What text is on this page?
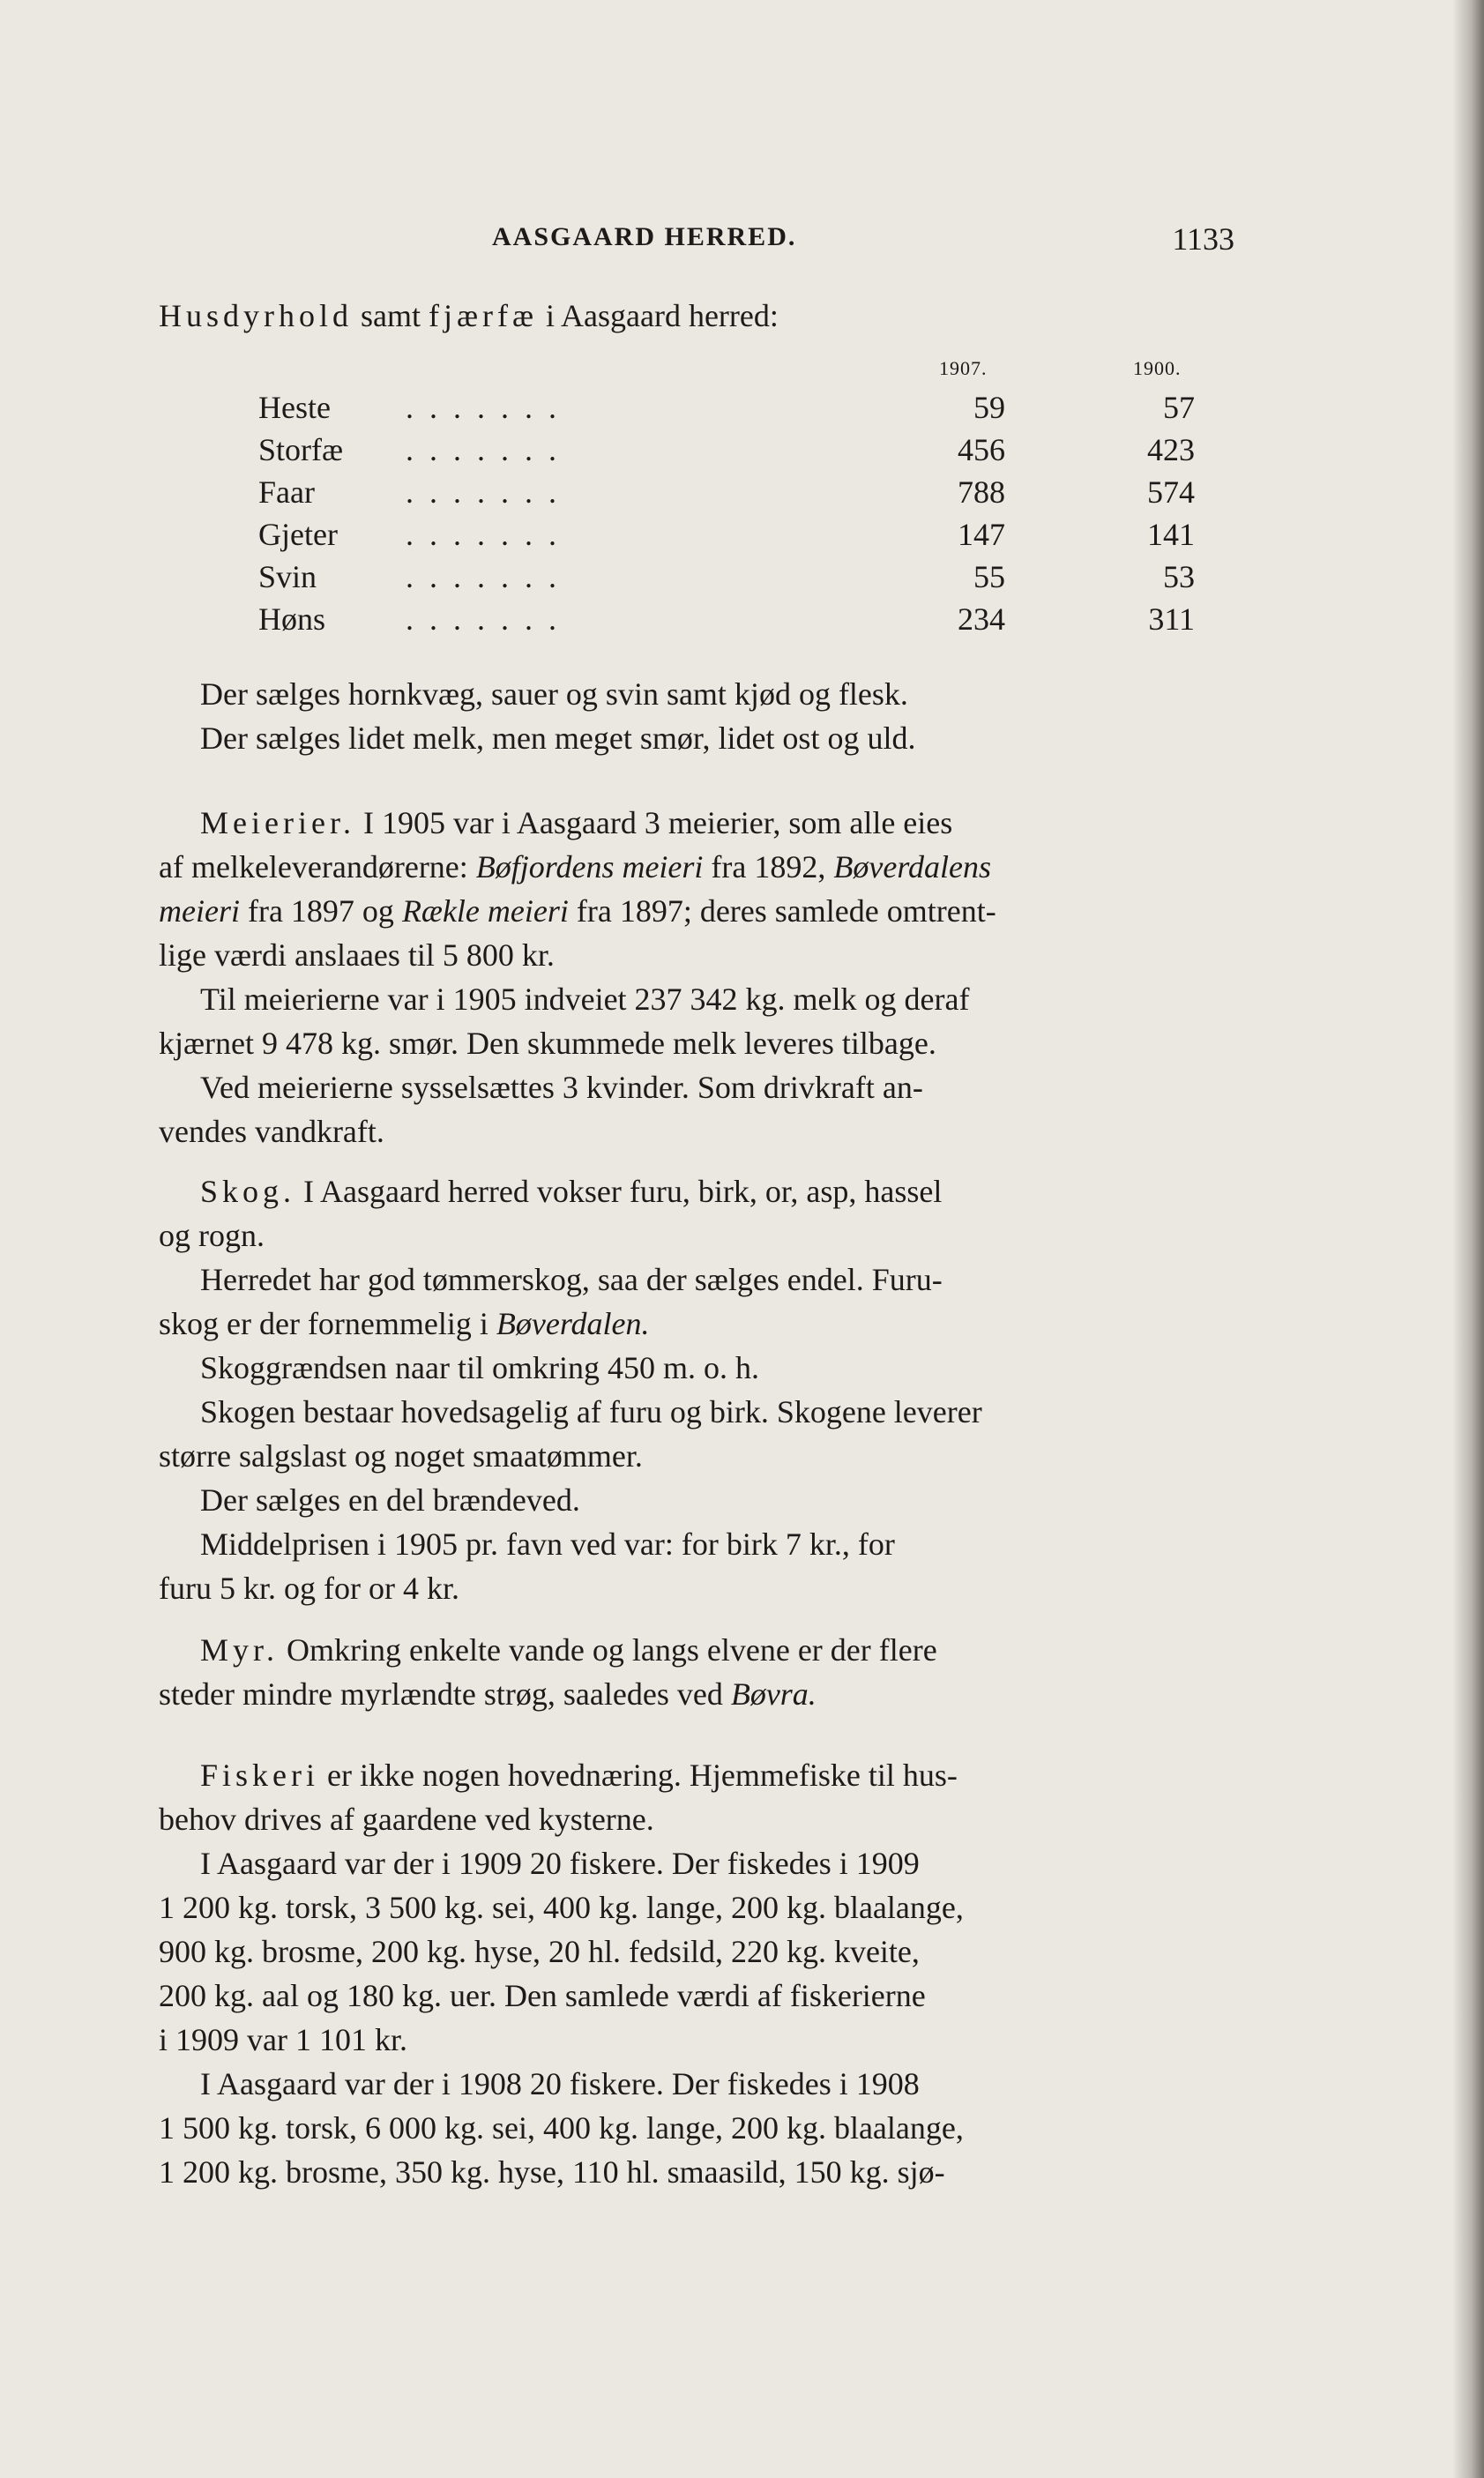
AASGAARD HERRED.	1133
Husdyrhold samt fjærfæ i Aasgaard herred:
1907.	1900.
Heste .......	59	57
Storfæ .......	456	423
Faar	.......	788	574
Gjeter .......	147	141
Svin	.......	55	53
Høns	.......	234	311
Der sælges hornkvæg, sauer og svin samt kjød og flesk.
Der sælges lidet melk, men meget smør, lidet ost og uld.
Meierier. I 1905 var i Aasgaard 3 meierier, som alle eies
af melkeleverandørerne: Bøfjordens meieri fra 1892, Bøverdalens
meieri fra 1897 og Rækle meieri fra 1897; deres samlede omtrent-
lige værdi anslaaes til 5 800 kr.
Til meierierne var i 1905 indveiet 237 342 kg. melk og deraf
kjærnet 9 478 kg. smør. Den skummede melk leveres tilbage.
Ved meierierne sysselsættes 3 kvinder. Som drivkraft an-
vendes vandkraft.
Skog. I Aasgaard herred vokser furu, birk, or, asp, hassel
og rogn.
Herredet har god tømmerskog, saa der sælges endel. Furu-
skog er der fornemmelig i Bøverdalen.
Skoggrændsen naar til omkring 450 m. o. h.
Skogen bestaar hovedsagelig af furu og birk. Skogene leverer
større salgslast og noget smaatømmer.
Der sælges en del brændeved.
Middelprisen i 1905 pr. favn ved var: for birk 7 kr., for
furu 5 kr. og for or 4 kr.
Myr. Omkring enkelte vande og langs elvene er der flere
steder mindre myrlændte strøg, saaledes ved Bøvra.
Fiskeri er ikke nogen hovednæring. Hjemmefiske til hus-
behov drives af gaardene ved kysterne.
I Aasgaard var der i 1909 20 fiskere. Der fiskedes i 1909
1 200 kg. torsk, 3 500 kg. sei, 400 kg. lange, 200 kg. blaalange,
900 kg. brosme, 200 kg. hyse, 20 hl. fedsild, 220 kg. kveite,
200 kg. aal og 180 kg. uer. Den samlede værdi af fiskerierne
i 1909 var 1 101 kr.
I Aasgaard var der i 1908 20 fiskere. Der fiskedes i 1908
1 500 kg. torsk, 6 000 kg. sei, 400 kg. lange, 200 kg. blaalange,
1 200 kg. brosme, 350 kg. hyse, 110 hl. smaasild, 150 kg. sjø-
